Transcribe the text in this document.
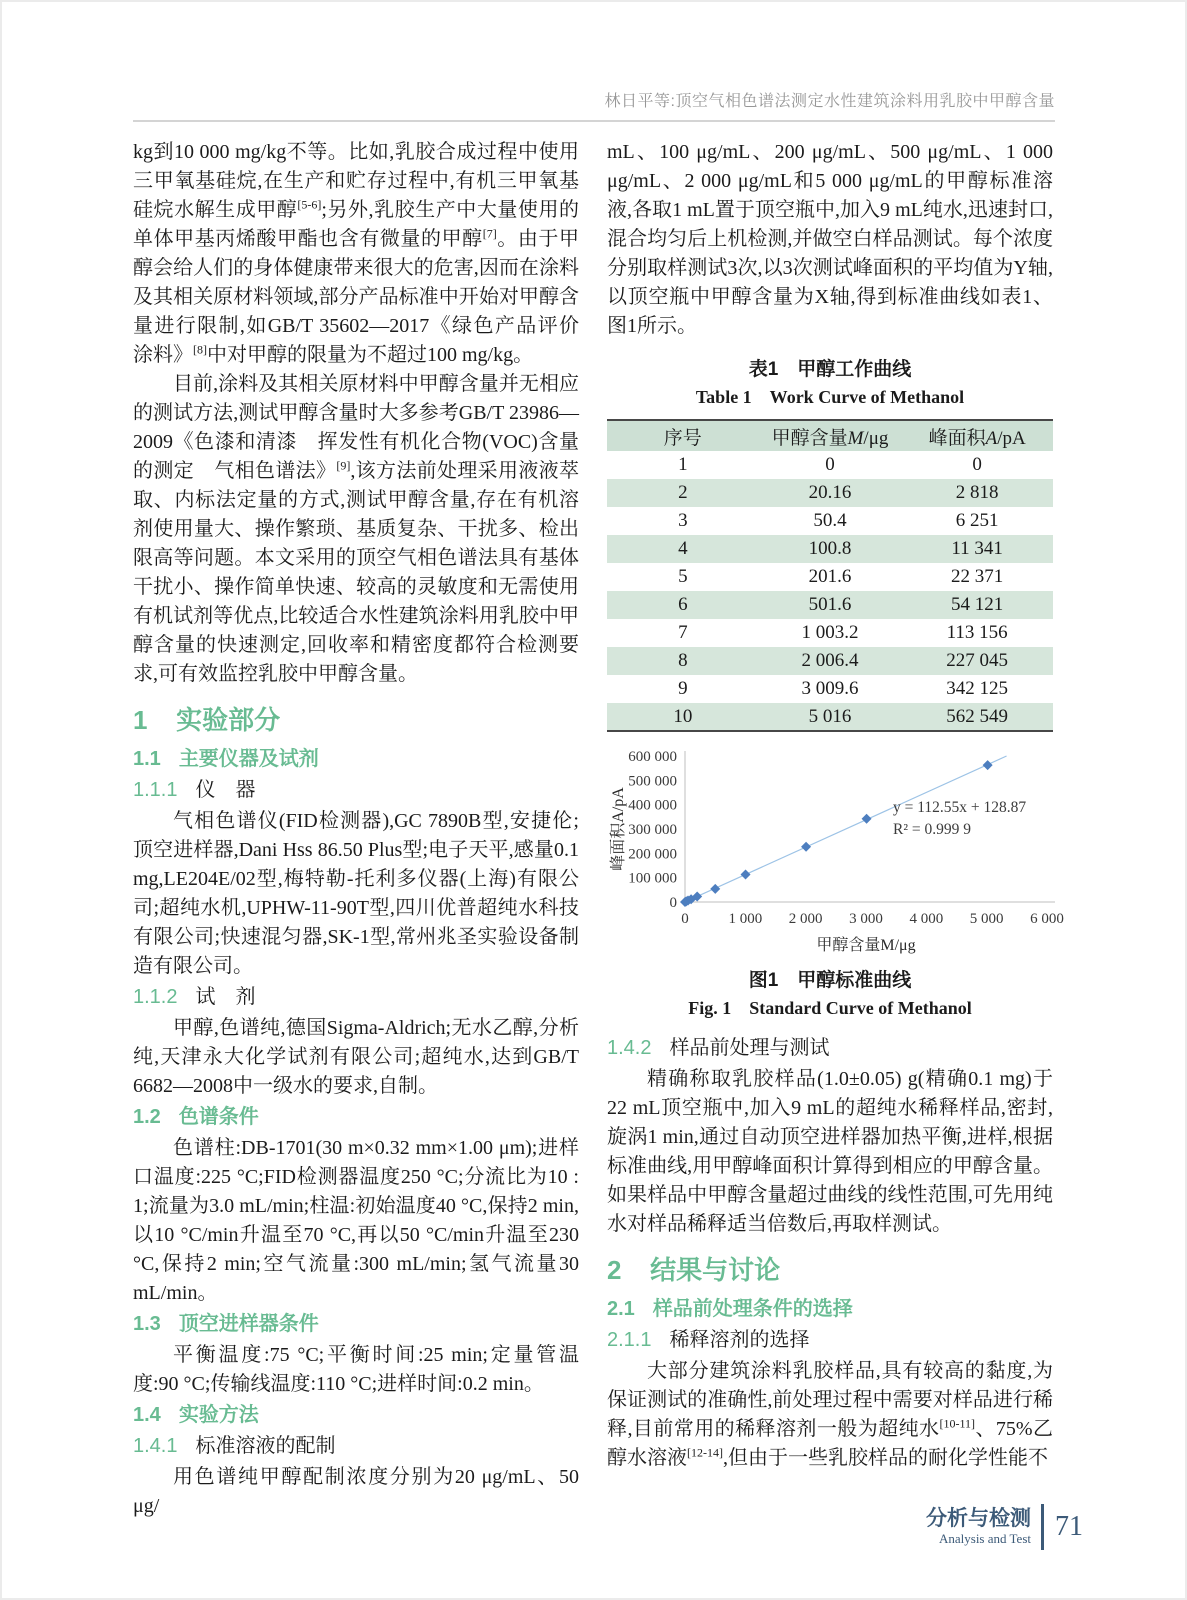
林日平等:顶空气相色谱法测定水性建筑涂料用乳胶中甲醇含量

kg到10 000 mg/kg不等。比如,乳胶合成过程中使用三甲氧基硅烷,在生产和贮存过程中,有机三甲氧基硅烷水解生成甲醇[5-6];另外,乳胶生产中大量使用的单体甲基丙烯酸甲酯也含有微量的甲醇[7]。由于甲醇会给人们的身体健康带来很大的危害,因而在涂料及其相关原材料领域,部分产品标准中开始对甲醇含量进行限制,如GB/T 35602—2017《绿色产品评价　涂料》[8]中对甲醇的限量为不超过100 mg/kg。

目前,涂料及其相关原材料中甲醇含量并无相应的测试方法,测试甲醇含量时大多参考GB/T 23986—2009《色漆和清漆　挥发性有机化合物(VOC)含量的测定　气相色谱法》[9],该方法前处理采用液液萃取、内标法定量的方式,测试甲醇含量,存在有机溶剂使用量大、操作繁琐、基质复杂、干扰多、检出限高等问题。本文采用的顶空气相色谱法具有基体干扰小、操作简单快速、较高的灵敏度和无需使用有机试剂等优点,比较适合水性建筑涂料用乳胶中甲醇含量的快速测定,回收率和精密度都符合检测要求,可有效监控乳胶中甲醇含量。

1 实验部分
1.1 主要仪器及试剂
1.1.1 仪　器

气相色谱仪(FID检测器),GC 7890B型,安捷伦;顶空进样器,Dani Hss 86.50 Plus型;电子天平,感量0.1 mg,LE204E/02型,梅特勒-托利多仪器(上海)有限公司;超纯水机,UPHW-11-90T型,四川优普超纯水科技有限公司;快速混匀器,SK-1型,常州兆圣实验设备制造有限公司。

1.1.2 试　剂

甲醇,色谱纯,德国Sigma-Aldrich;无水乙醇,分析纯,天津永大化学试剂有限公司;超纯水,达到GB/T 6682—2008中一级水的要求,自制。

1.2 色谱条件

色谱柱:DB-1701(30 m×0.32 mm×1.00 μm);进样口温度:225 °C;FID检测器温度250 °C;分流比为10 : 1;流量为3.0 mL/min;柱温:初始温度40 °C,保持2 min,以10 °C/min升温至70 °C,再以50 °C/min升温至230 °C,保持2 min;空气流量:300 mL/min;氢气流量30 mL/min。

1.3 顶空进样器条件

平衡温度:75 °C;平衡时间:25 min;定量管温度:90 °C;传输线温度:110 °C;进样时间:0.2 min。

1.4 实验方法
1.4.1 标准溶液的配制

用色谱纯甲醇配制浓度分别为20 μg/mL、50 μg/

mL、100 μg/mL、200 μg/mL、500 μg/mL、1 000 μg/mL、2 000 μg/mL和5 000 μg/mL的甲醇标准溶液,各取1 mL置于顶空瓶中,加入9 mL纯水,迅速封口,混合均匀后上机检测,并做空白样品测试。每个浓度分别取样测试3次,以3次测试峰面积的平均值为Y轴,以顶空瓶中甲醇含量为X轴,得到标准曲线如表1、图1所示。

表1　甲醇工作曲线
Table 1　Work Curve of Methanol
序号	甲醇含量M/μg	峰面积A/pA
1	0	0
2	20.16	2 818
3	50.4	6 251
4	100.8	11 341
5	201.6	22 371
6	501.6	54 121
7	1 003.2	113 156
8	2 006.4	227 045
9	3 009.6	342 125
10	5 016	562 549
0
100 000
200 000
300 000
400 000
500 000
600 000
0	1 000 2 000 3 000 4 000 5 000 6 000
y = 112.55x + 128.87
R² = 0.999 9
甲醇含量M/μg
峰面积A/pA
图1　甲醇标准曲线
Fig. 1　Standard Curve of Methanol
1.4.2 样品前处理与测试

精确称取乳胶样品(1.0±0.05) g(精确0.1 mg)于22 mL顶空瓶中,加入9 mL的超纯水稀释样品,密封,旋涡1 min,通过自动顶空进样器加热平衡,进样,根据标准曲线,用甲醇峰面积计算得到相应的甲醇含量。如果样品中甲醇含量超过曲线的线性范围,可先用纯水对样品稀释适当倍数后,再取样测试。

2 结果与讨论
2.1 样品前处理条件的选择
2.1.1 稀释溶剂的选择

大部分建筑涂料乳胶样品,具有较高的黏度,为保证测试的准确性,前处理过程中需要对样品进行稀释,目前常用的稀释溶剂一般为超纯水[10-11]、75%乙醇水溶液[12-14],但由于一些乳胶样品的耐化学性能不

分析与检测
Analysis and Test 71
